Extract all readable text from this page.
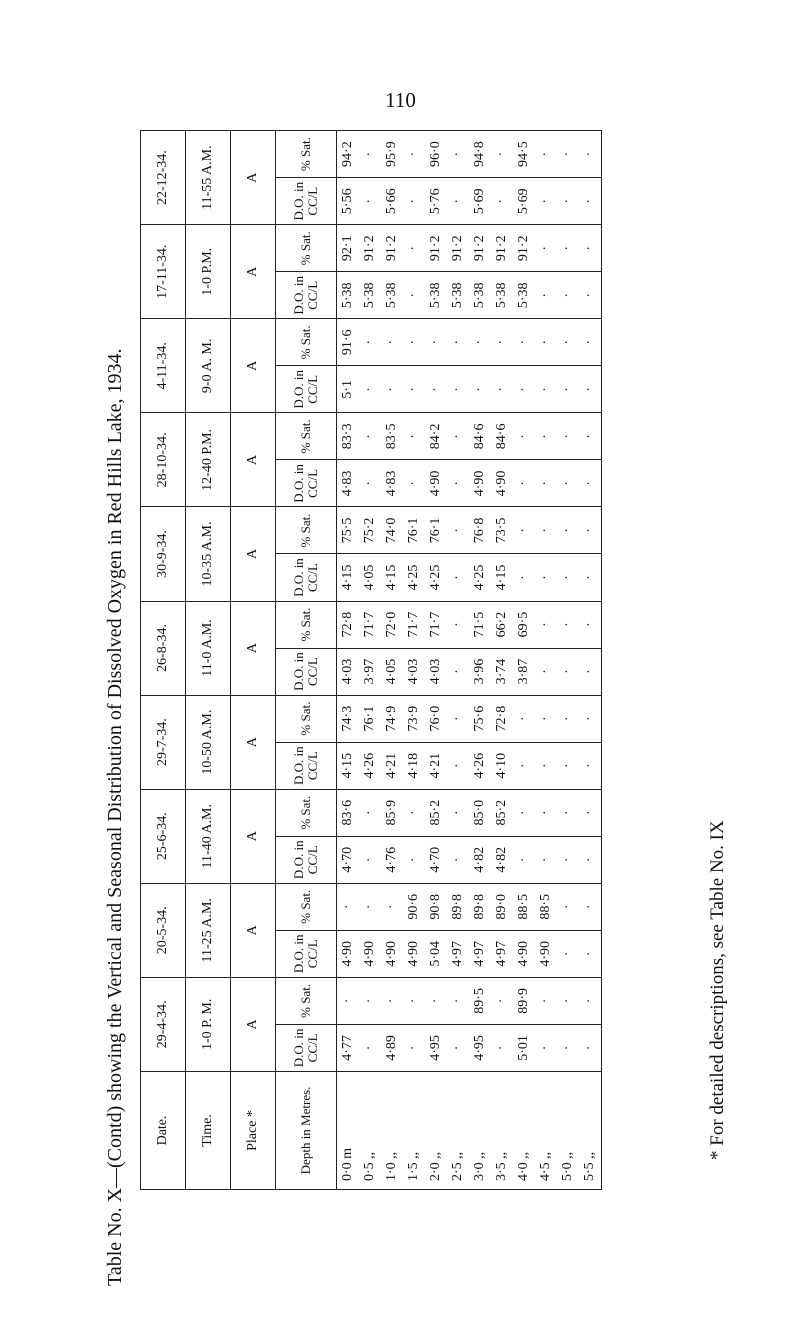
110
Table No. X—(Contd) showing the Vertical and Seasonal Distribution of Dissolved Oxygen in Red Hills Lake, 1934.	* For detailed descriptions, see Table No. IX
Date.	29-4-34.		20-5-34.		25-6-34.		29-7-34.		26-8-34.		30-9-34.		28-10-34.		4-11-34.		17-11-34.		22-12-34.	
Time.	1-0 P. M.		11-25 A.M.		11-40 A.M.		10-50 A.M.		11-0 A.M.		10-35 A.M.		12-40 P.M.		9-0 A. M.		1-0 P.M.		11-55 A.M.	
Place *	A		A		A		A		A		A		A		A		A		A	
Depth in Metres.	D.O. in CC/L	% Sat.	D.O. in CC/L	% Sat.	D.O. in CC/L	% Sat.	D.O. in CC/L	% Sat.	D.O. in CC/L	% Sat.	D.O. in CC/L	% Sat.	D.O. in CC/L	% Sat.	D.O. in CC/L	% Sat.	D.O. in CC/L	% Sat.	D.O. in CC/L	% Sat.
0·0 m	4·77	·	4·90	·	4·70	83·6	4·15	74·3	4·03	72·8	4·15	75·5	4·83	83·3	5·1	91·6	5·38	92·1	5·56	94·2
0·5 ,,	·	·	4·90	·	·	·	4·26	76·1	3·97	71·7	4·05	75·2	·	·	·	·	5·38	91·2	·	·
1·0 ,,	4·89	·	4·90	·	4·76	85·9	4·21	74·9	4·05	72·0	4·15	74·0	4·83	83·5	·	·	5·38	91·2	5·66	95·9
1·5 ,,	·	·	4·90	90·6	·	·	4·18	73·9	4·03	71·7	4·25	76·1	·	·	·	·	·	·	·	·
2·0 ,,	4·95	·	5·04	90·8	4·70	85·2	4·21	76·0	4·03	71·7	4·25	76·1	4·90	84·2	·	·	5·38	91·2	5·76	96·0
2·5 ,,	·	·	4·97	89·8	·	·	·	·	·	·	·	·	·	·	·	·	5·38	91·2	·	·
3·0 ,,	4·95	89·5	4·97	89·8	4·82	85·0	4·26	75·6	3·96	71·5	4·25	76·8	4·90	84·6	·	·	5·38	91·2	5·69	94·8
3·5 ,,	·	·	4·97	89·0	4·82	85·2	4·10	72·8	3·74	66·2	4·15	73·5	4·90	84·6	·	·	5·38	91·2	·	·
4·0 ,,	5·01	89·9	4·90	88·5	·	·	·	·	3·87	69·5	·	·	·	·	·	·	5·38	91·2	5·69	94·5
4·5 ,,	·	·	4·90	88·5	·	·	·	·	·	·	·	·	·	·	·	·	·	·	·	·
5·0 ,,	·	·	·	·	·	·	·	·	·	·	·	·	·	·	·	·	·	·	·	·
5·5 ,,	·	·	·	·	·	·	·	·	·	·	·	·	·	·	·	·	·	·	·	·
